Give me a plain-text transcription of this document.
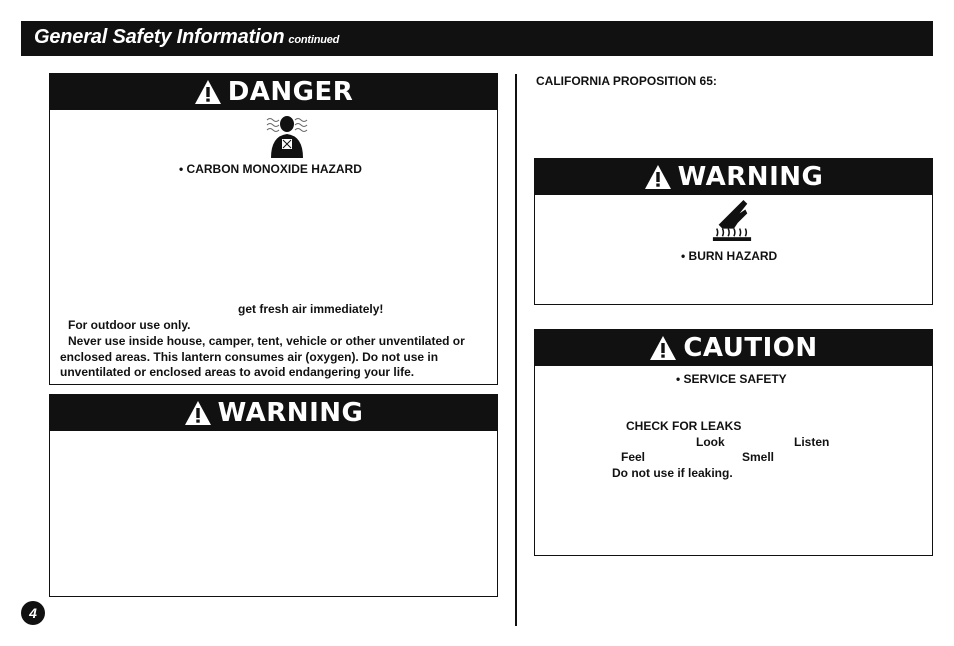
General Safety Information continued
DANGER
• CARBON MONOXIDE HAZARD
get fresh air immediately!
For outdoor use only.
Never use inside house, camper, tent, vehicle or other unventilated or
enclosed areas. This lantern consumes air (oxygen). Do not use in
unventilated or enclosed areas to avoid endangering your life.
WARNING
CALIFORNIA PROPOSITION 65:
WARNING
• BURN HAZARD
CAUTION
• SERVICE SAFETY
CHECK FOR LEAKS
Look	Listen
Feel	Smell
Do not use if leaking.
4
